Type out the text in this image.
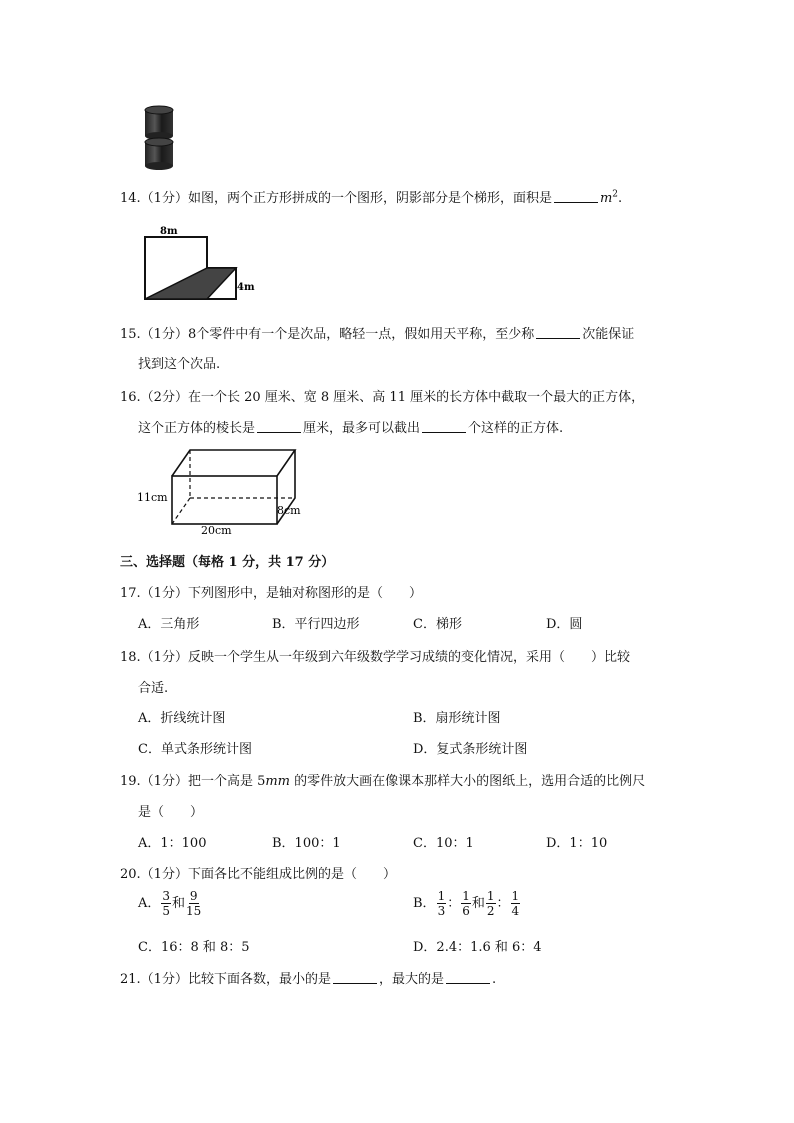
14.（1分）如图，两个正方形拼成的一个图形，阴影部分是个梯形，面积是	$m^2$.
8m
4m
15.（1分）8个零件中有一个是次品，略轻一点，假如用天平称，至少称	次能保证
找到这个次品.
16.（2分）在一个长 20 厘米、宽 8 厘米、高 11 厘米的长方体中截取一个最大的正方体，
这个正方体的棱长是	厘米，最多可以截出	个这样的正方体.
11cm
20cm
8cm
三、选择题（每格 1 分，共 17 分）
17.（1分）下列图形中，是轴对称图形的是（　　）
A．三角形	B．平行四边形	C．梯形	D．圆
18.（1分）反映一个学生从一年级到六年级数学学习成绩的变化情况，采用（　　）比较
合适.
A．折线统计图	B．扇形统计图
C．单式条形统计图	D．复式条形统计图
19.（1分）把一个高是 5mm 的零件放大画在像课本那样大小的图纸上，选用合适的比例尺
是（　　）
A．1：100	B．100：1	C．10：1	D．1：10
20.（1分）下面各比不能组成比例的是（　　）
A． $\frac{3}{5}$ 和 $\frac{9}{15}$	B． $\frac{1}{3}$ ： $\frac{1}{6}$ 和 $\frac{1}{2}$ ： $\frac{1}{4}$
C．16：8 和 8：5	D．2.4：1.6 和 6：4
21.（1分）比较下面各数，最小的是	，最大的是	.
